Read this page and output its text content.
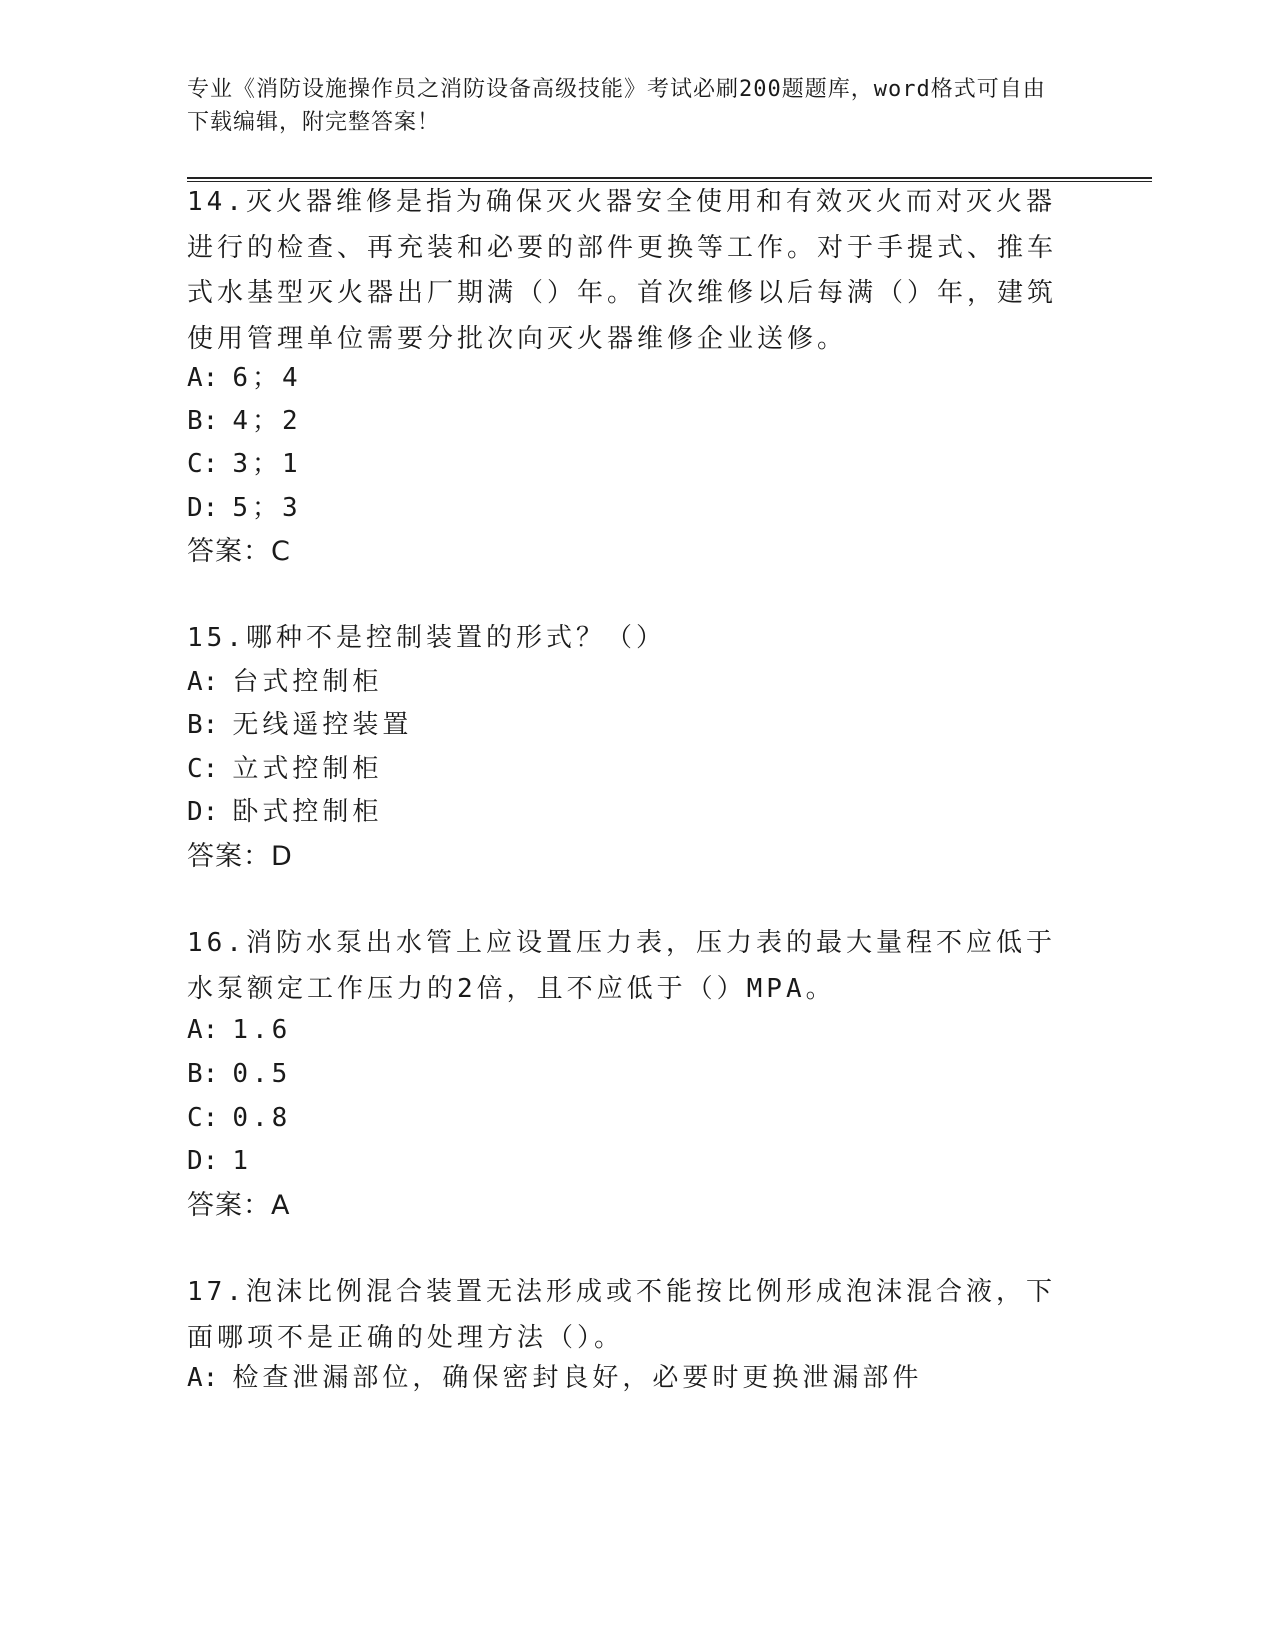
专业《消防设施操作员之消防设备高级技能》考试必刷200题题库，word格式可自由下载编辑，附完整答案！
14.灭火器维修是指为确保灭火器安全使用和有效灭火而对灭火器进行的检查、再充装和必要的部件更换等工作。对于手提式、推车式水基型灭火器出厂期满（）年。首次维修以后每满（）年，建筑使用管理单位需要分批次向灭火器维修企业送修。
A: 6；4
B: 4；2
C: 3；1
D: 5；3
答案：C
15.哪种不是控制装置的形式？（）
A: 台式控制柜
B: 无线遥控装置
C: 立式控制柜
D: 卧式控制柜
答案：D
16.消防水泵出水管上应设置压力表，压力表的最大量程不应低于水泵额定工作压力的2倍，且不应低于（）MPA。
A: 1.6
B: 0.5
C: 0.8
D: 1
答案：A
17.泡沫比例混合装置无法形成或不能按比例形成泡沫混合液，下面哪项不是正确的处理方法（）。
A: 检查泄漏部位，确保密封良好，必要时更换泄漏部件
